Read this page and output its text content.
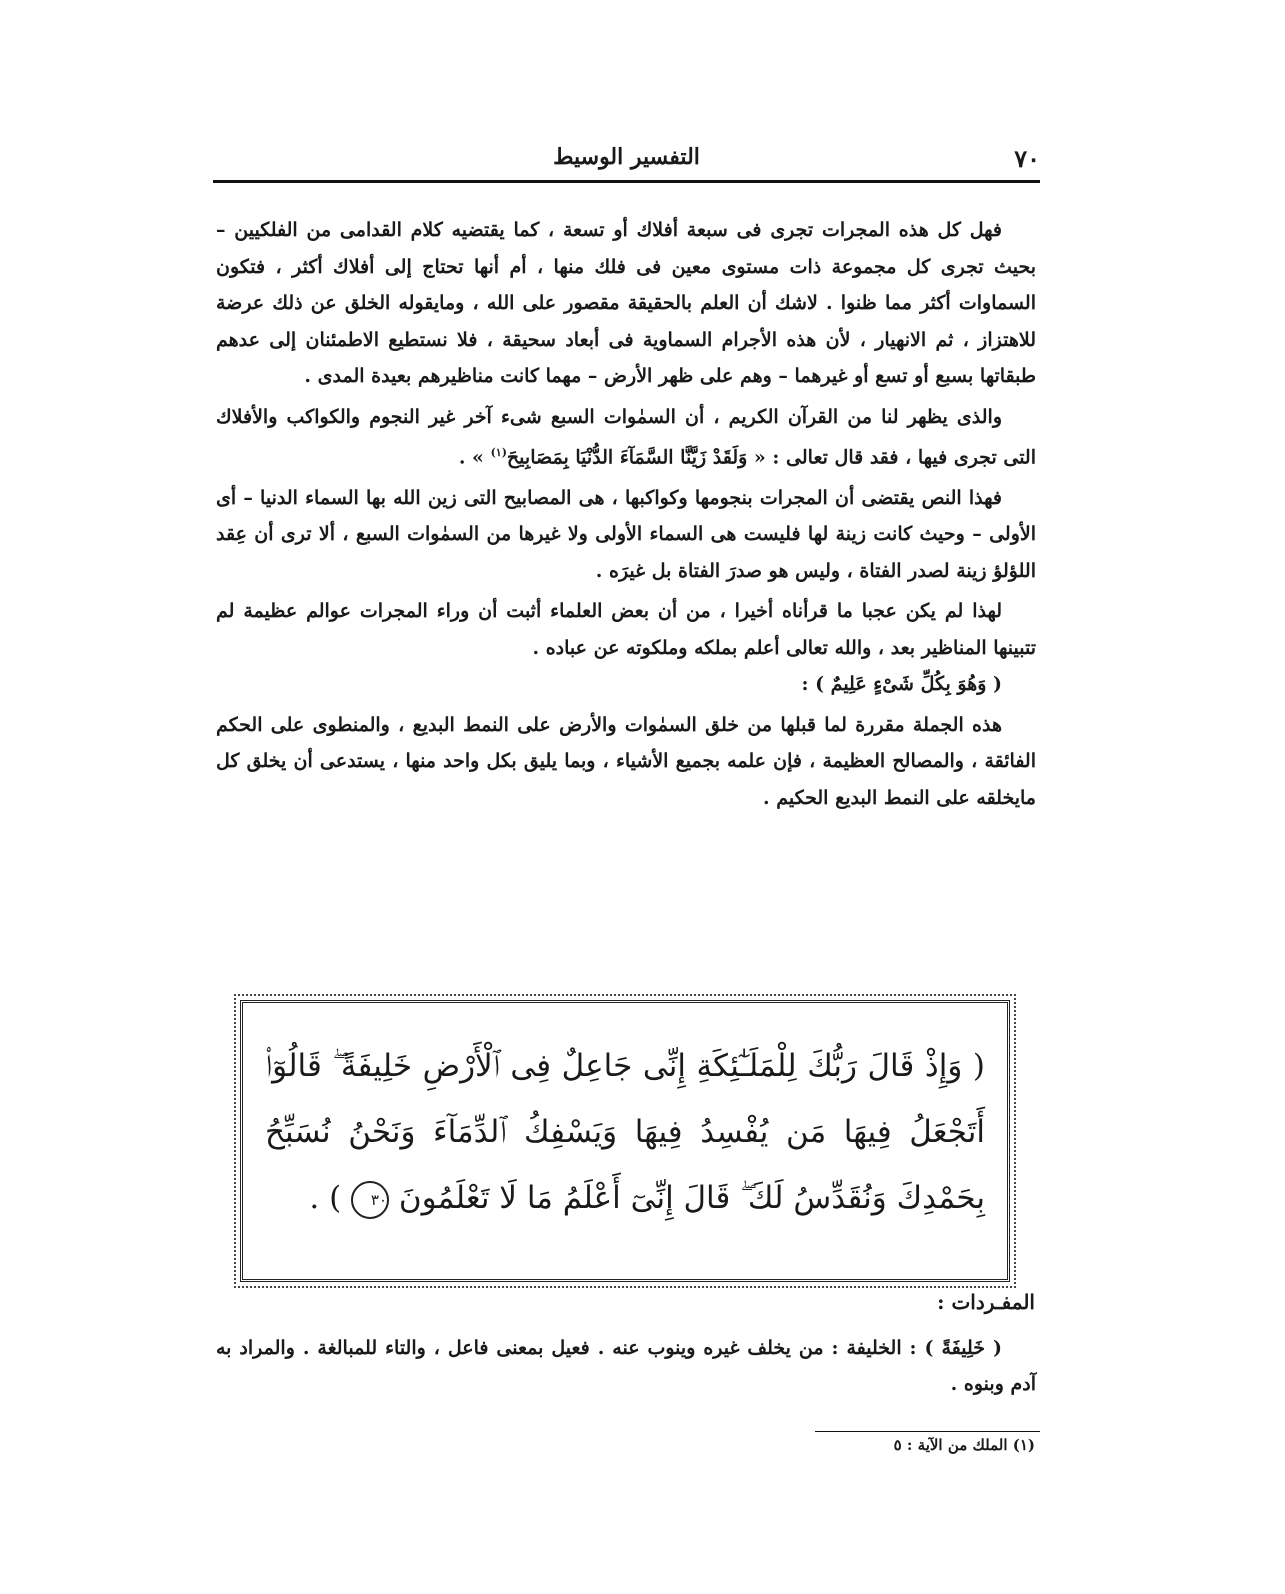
٧٠
التفسير الوسيط

فهل كل هذه المجرات تجرى فى سبعة أفلاك أو تسعة ، كما يقتضيه كلام القدامى من الفلكيين – بحيث تجرى كل مجموعة ذات مستوى معين فى فلك منها ، أم أنها تحتاج إلى أفلاك أكثر ، فتكون السماوات أكثر مما ظنوا . لاشك أن العلم بالحقيقة مقصور على الله ، ومايقوله الخلق عن ذلك عرضة للاهتزاز ، ثم الانهيار ، لأن هذه الأجرام السماوية فى أبعاد سحيقة ، فلا نستطيع الاطمئنان إلى عدهم طبقاتها بسبع أو تسع أو غيرهما – وهم على ظهر الأرض – مهما كانت مناظيرهم بعيدة المدى .

والذى يظهر لنا من القرآن الكريم ، أن السمٰوات السبع شىء آخر غير النجوم والكواكب والأفلاك التى تجرى فيها ، فقد قال تعالى : « وَلَقَدْ زَيَّنَّا السَّمَآءَ الدُّنْيَا بِمَصَابِيحَ$^{(١)}$ » .

فهذا النص يقتضى أن المجرات بنجومها وكواكبها ، هى المصابيح التى زين الله بها السماء الدنيا – أى الأولى – وحيث كانت زينة لها فليست هى السماء الأولى ولا غيرها من السمٰوات السبع ، ألا ترى أن عِقد اللؤلؤ زينة لصدر الفتاة ، وليس هو صدرَ الفتاة بل غيرَه .

لهذا لم يكن عجبا ما قرأناه أخيرا ، من أن بعض العلماء أثبت أن وراء المجرات عوالم عظيمة لم تتبينها المناظير بعد ، والله تعالى أعلم بملكه وملكوته عن عباده .

( وَهُوَ بِكُلِّ شَىْءٍ عَلِيمٌ ) :

هذه الجملة مقررة لما قبلها من خلق السمٰوات والأرض على النمط البديع ، والمنطوى على الحكم الفائقة ، والمصالح العظيمة ، فإن علمه بجميع الأشياء ، وبما يليق بكل واحد منها ، يستدعى أن يخلق كل مايخلقه على النمط البديع الحكيم .

( وَإِذْ قَالَ رَبُّكَ لِلْمَلَـٰٓئِكَةِ إِنِّى جَاعِلٌ فِى ٱلْأَرْضِ خَلِيفَةً ۖ قَالُوٓا۟ أَتَجْعَلُ فِيهَا مَن يُفْسِدُ فِيهَا وَيَسْفِكُ ٱلدِّمَآءَ وَنَحْنُ نُسَبِّحُ بِحَمْدِكَ وَنُقَدِّسُ لَكَ ۖ قَالَ إِنِّىٓ أَعْلَمُ مَا لَا تَعْلَمُونَ ٣٠ ) .
المفـردات :

( خَلِيفَةً ) : الخليفة : من يخلف غيره وينوب عنه . فعيل بمعنى فاعل ، والتاء للمبالغة . والمراد به آدم وبنوه .

(١) الملك من الآية : ٥
